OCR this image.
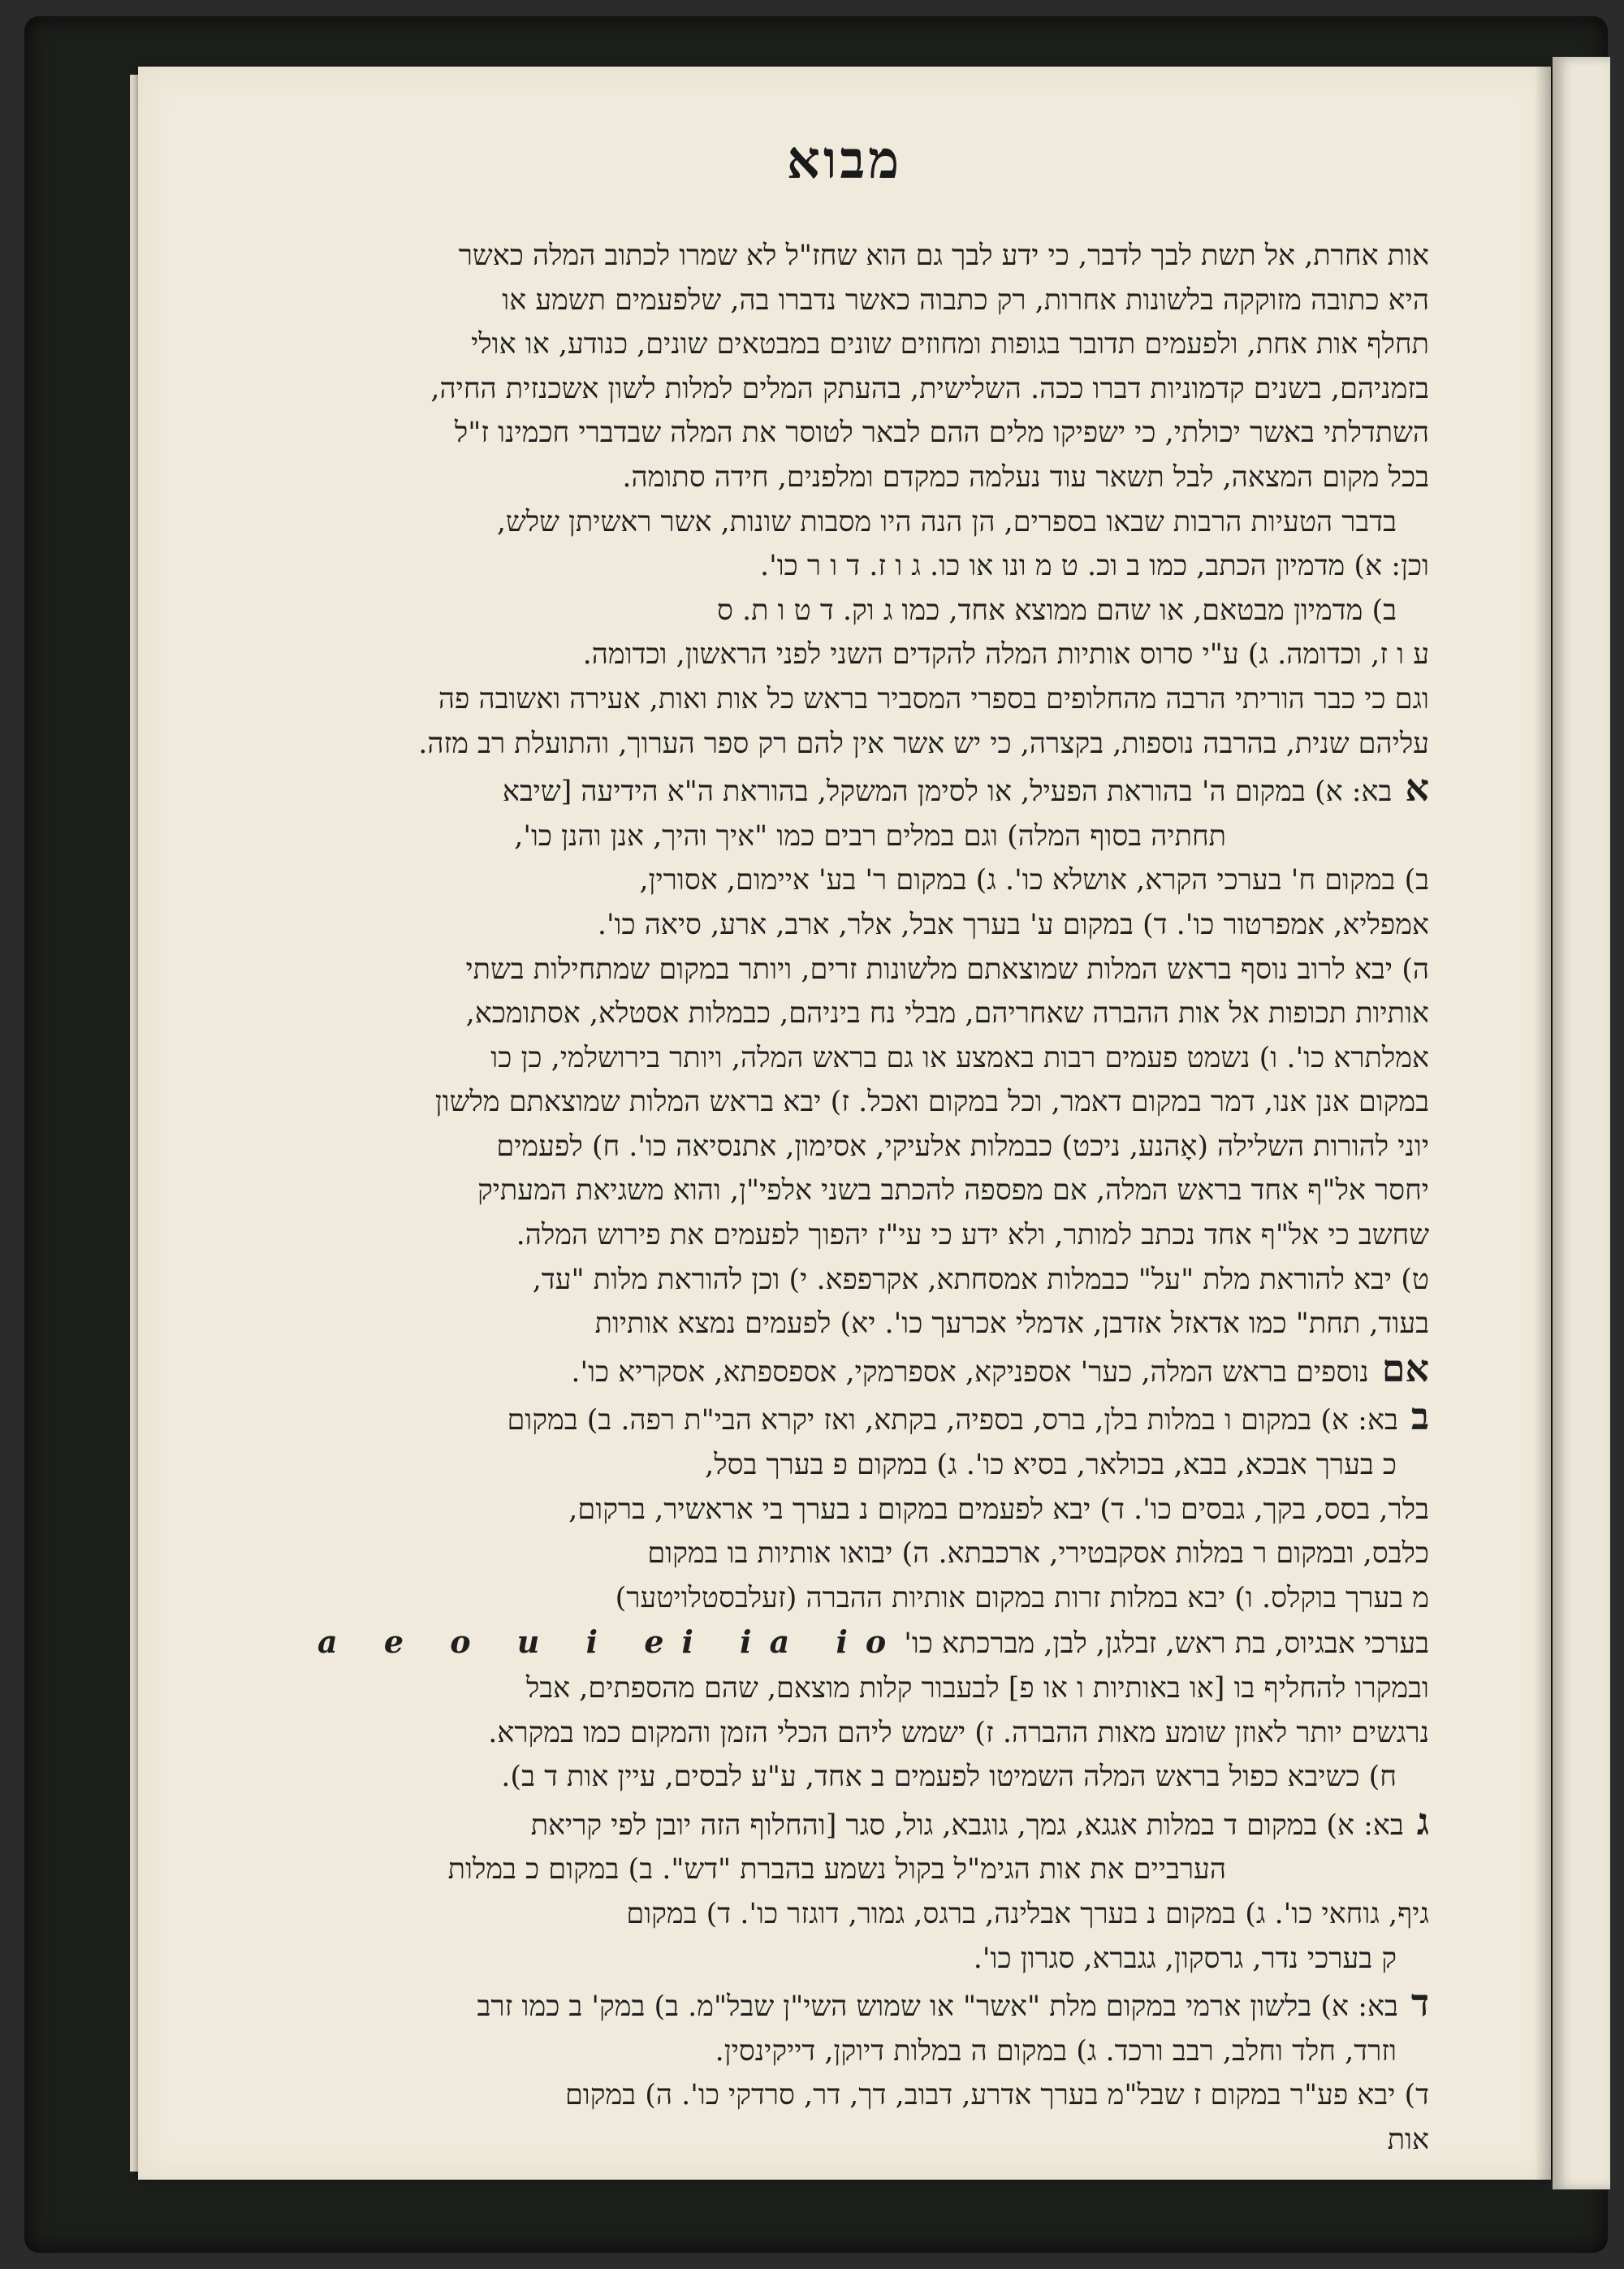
מבוא
אות אחרת, אל תשת לבך לדבר, כי ידע לבך גם הוא שחז"ל לא שמרו לכתוב המלה כאשר
היא כתובה מזוקקה בלשונות אחרות, רק כתבוה כאשר נדברו בה, שלפעמים תשמע או
תחלף אות אחת, ולפעמים תדובר בגופות ומחוזים שונים במבטאים שונים, כנודע, או אולי
בזמניהם, בשנים קדמוניות דברו ככה. השלישית, בהעתק המלים למלות לשון אשכנזית החיה,
השתדלתי באשר יכולתי, כי ישפיקו מלים ההם לבאר לטוסר את המלה שבדברי חכמינו ז"ל
בכל מקום המצאה, לבל תשאר עוד נעלמה כמקדם ומלפנים, חידה סתומה.
בדבר הטעיות הרבות שבאו בספרים, הן הנה היו מסבות שונות, אשר ראשיתן שלש,
וכן: א) מדמיון הכתב, כמו ב וכ. ט מ ונו או כו. ג ו ז. ד ו ר כו'.
ב) מדמיון מבטאם, או שהם ממוצא אחד, כמו ג וק. ד ט ו ת. ס
ע ו ז, וכדומה. ג) ע"י סרוס אותיות המלה להקדים השני לפני הראשון, וכדומה.
וגם כי כבר הוריתי הרבה מהחלופים בספרי המסביר בראש כל אות ואות, אעירה ואשובה פה
עליהם שנית, בהרבה נוספות, בקצרה, כי יש אשר אין להם רק ספר הערוך, והתועלת רב מזה.
א בא: א) במקום ה' בהוראת הפעיל, או לסימן המשקל, בהוראת ה"א הידיעה [שיבא
תחתיה בסוף המלה) וגם במלים רבים כמו "איך והיך, אנן והנן כו',
ב) במקום ח' בערכי הקרא, אושלא כו'. ג) במקום ר' בע' איימום, אסורין,
אמפליא, אמפרטור כו'. ד) במקום ע' בערך אבל, אלר, ארב, ארע, סיאה כו'.
ה) יבא לרוב נוסף בראש המלות שמוצאתם מלשונות זרים, ויותר במקום שמתחילות בשתי
אותיות תכופות אל אות ההברה שאחריהם, מבלי נח ביניהם, כבמלות אסטלא, אסתומכא,
אמלתרא כו'. ו) נשמט פעמים רבות באמצע או גם בראש המלה, ויותר בירושלמי, כן כו
במקום אנן אנו, דמר במקום דאמר, וכל במקום ואכל. ז) יבא בראש המלות שמוצאתם מלשון
יוני להורות השלילה (אָהנע, ניכט) כבמלות אלעיקי, אסימון, אתנסיאה כו'. ח) לפעמים
יחסר אל"ף אחד בראש המלה, אם מפספה להכתב בשני אלפי"ן, והוא משגיאת המעתיק
שחשב כי אל"ף אחד נכתב למותר, ולא ידע כי עי"ז יהפוך לפעמים את פירוש המלה.
ט) יבא להוראת מלת "על" כבמלות אמסחתא, אקרפפא. י) וכן להוראת מלות "עד,
בעוד, תחת" כמו אדאזל אזדבן, אדמלי אכרעך כו'. יא) לפעמים נמצא אותיות
אם נוספים בראש המלה, כער' אספניקא, אספרמקי, אספספתא, אסקריא כו'.
ב בא: א) במקום ו במלות בלן, ברס, בספיה, בקתא, ואז יקרא הבי"ת רפה. ב) במקום
כ בערך אבכא, בבא, בכולאר, בסיא כו'. ג) במקום פ בערך בסל,
בלר, בסס, בקך, גבסים כו'. ד) יבא לפעמים במקום נ בערך בי אראשיר, ברקום,
כלבס, ובמקום ר במלות אסקבטירי, ארכבתא. ה) יבואו אותיות בו במקום
מ בערך בוקלס. ו) יבא במלות זרות במקום אותיות ההברה (זעלבסטלויטער)
בערכי אבגיוס, בת ראש, זבלגן, לבן, מברכתא כו' a e o u i ei ia io
ובמקרו להחליף בו [או באותיות ו או פ] לבעבור קלות מוצאם, שהם מהספתים, אבל
נרגשים יותר לאוזן שומע מאות ההברה. ז) ישמש ליהם הכלי הזמן והמקום כמו במקרא.
ח) כשיבא כפול בראש המלה השמיטו לפעמים ב אחד, ע"ע לבסים, עיין אות ד ב).
ג בא: א) במקום ד במלות אגגא, גמך, גוגבא, גול, סגר [והחלוף הזה יובן לפי קריאת
הערביים את אות הגימ"ל בקול נשמע בהברת "דש". ב) במקום כ במלות
גיף, גוחאי כו'. ג) במקום נ בערך אבלינה, ברגס, גמור, דוגזר כו'. ד) במקום
ק בערכי נדר, גרסקון, גגברא, סגרון כו'.
ד בא: א) בלשון ארמי במקום מלת "אשר" או שמוש השי"ן שבל"מ. ב) במק' ב כמו זרב
וזרד, חלד וחלב, רבב ורכד. ג) במקום ה במלות דיוקן, דייקינסין.
ד) יבא פע"ר במקום ז שבל"מ בערך אדרע, דבוב, דך, דר, סרדקי כו'. ה) במקום
אות
